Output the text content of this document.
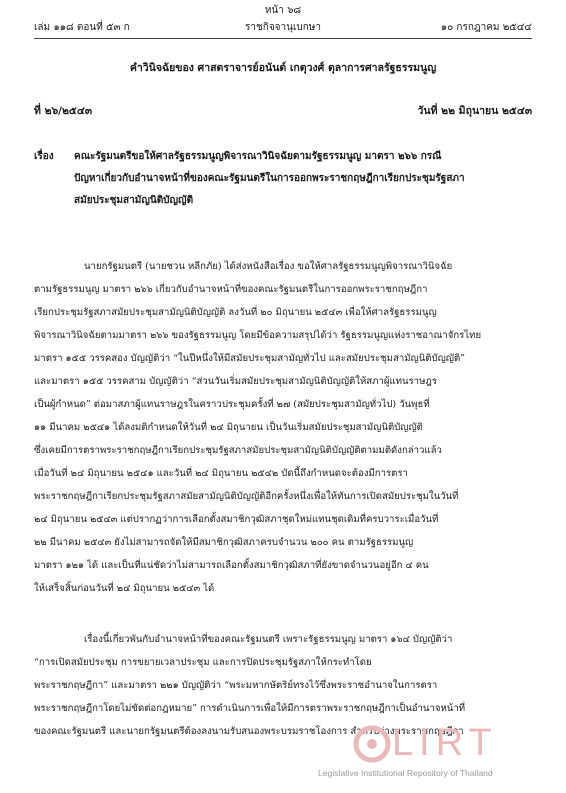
หน้า ๖๘
เล่ม ๑๑๘ ตอนที่ ๕๓ ก	ราชกิจจานุเบกษา	๑๐ กรกฎาคม ๒๕๔๔
คำวินิจฉัยของ ศาสตราจารย์อนันต์ เกตุวงศ์ ตุลาการศาลรัฐธรรมนูญ
ที่ ๒๖/๒๕๔๓	วันที่ ๒๒ มิถุนายน ๒๕๔๓
เรื่อง คณะรัฐมนตรีขอให้ศาลรัฐธรรมนูญพิจารณาวินิจฉัยตามรัฐธรรมนูญ มาตรา ๒๖๖ กรณี
ปัญหาเกี่ยวกับอำนาจหน้าที่ของคณะรัฐมนตรีในการออกพระราชกฤษฎีกาเรียกประชุมรัฐสภา
สมัยประชุมสามัญนิติบัญญัติ

นายกรัฐมนตรี (นายชวน หลีกภัย) ได้ส่งหนังสือเรื่อง ขอให้ศาลรัฐธรรมนูญพิจารณาวินิจฉัย

ตามรัฐธรรมนูญ มาตรา ๒๖๖ เกี่ยวกับอำนาจหน้าที่ของคณะรัฐมนตรีในการออกพระราชกฤษฎีกา

เรียกประชุมรัฐสภาสมัยประชุมสามัญนิติบัญญัติ ลงวันที่ ๒๐ มิถุนายน ๒๕๔๓ เพื่อให้ศาลรัฐธรรมนูญ

พิจารณาวินิจฉัยตามมาตรา ๒๖๖ ของรัฐธรรมนูญ โดยมีข้อความสรุปได้ว่า รัฐธรรมนูญแห่งราชอาณาจักรไทย

มาตรา ๑๕๕ วรรคสอง บัญญัติว่า “ในปีหนึ่งให้มีสมัยประชุมสามัญทั่วไป และสมัยประชุมสามัญนิติบัญญัติ”

และมาตรา ๑๕๕ วรรคสาม บัญญัติว่า “ส่วนวันเริ่มสมัยประชุมสามัญนิติบัญญัติให้สภาผู้แทนราษฎร

เป็นผู้กำหนด” ต่อมาสภาผู้แทนราษฎรในคราวประชุมครั้งที่ ๒๗ (สมัยประชุมสามัญทั่วไป) วันพุธที่

๑๑ มีนาคม ๒๕๔๑ ได้ลงมติกำหนดให้วันที่ ๒๔ มิถุนายน เป็นวันเริ่มสมัยประชุมสามัญนิติบัญญัติ

ซึ่งเคยมีการตราพระราชกฤษฎีกาเรียกประชุมรัฐสภาสมัยประชุมสามัญนิติบัญญัติตามมติดังกล่าวแล้ว

เมื่อวันที่ ๒๔ มิถุนายน ๒๕๔๑ และวันที่ ๒๔ มิถุนายน ๒๕๔๒ บัดนี้ถึงกำหนดจะต้องมีการตรา

พระราชกฤษฎีกาเรียกประชุมรัฐสภาสมัยสามัญนิติบัญญัติอีกครั้งหนึ่งเพื่อให้ทันการเปิดสมัยประชุมในวันที่

๒๔ มิถุนายน ๒๕๔๓ แต่ปรากฏว่าการเลือกตั้งสมาชิกวุฒิสภาชุดใหม่แทนชุดเดิมที่ครบวาระเมื่อวันที่

๒๒ มีนาคม ๒๕๔๓ ยังไม่สามารถจัดให้มีสมาชิกวุฒิสภาครบจำนวน ๒๐๐ คน ตามรัฐธรรมนูญ

มาตรา ๑๒๑ ได้ และเป็นที่แน่ชัดว่าไม่สามารถเลือกตั้งสมาชิกวุฒิสภาที่ยังขาดจำนวนอยู่อีก ๔ คน

ให้เสร็จสิ้นก่อนวันที่ ๒๔ มิถุนายน ๒๕๔๓ ได้

เรื่องนี้เกี่ยวพันกับอำนาจหน้าที่ของคณะรัฐมนตรี เพราะรัฐธรรมนูญ มาตรา ๑๖๔ บัญญัติว่า

“การเปิดสมัยประชุม การขยายเวลาประชุม และการปิดประชุมรัฐสภาให้กระทำโดย

พระราชกฤษฎีกา” และมาตรา ๒๒๑ บัญญัติว่า “พระมหากษัตริย์ทรงไว้ซึ่งพระราชอำนาจในการตรา

พระราชกฤษฎีกาโดยไม่ขัดต่อกฎหมาย” การดำเนินการเพื่อให้มีการตราพระราชกฤษฎีกาเป็นอำนาจหน้าที่

ของคณะรัฐมนตรี และนายกรัฐมนตรีต้องลงนามรับสนองพระบรมราชโองการ สำหรับร่างพระราชกฤษฎีกา

LIRT
Legislative Institutional Repository of Thailand
